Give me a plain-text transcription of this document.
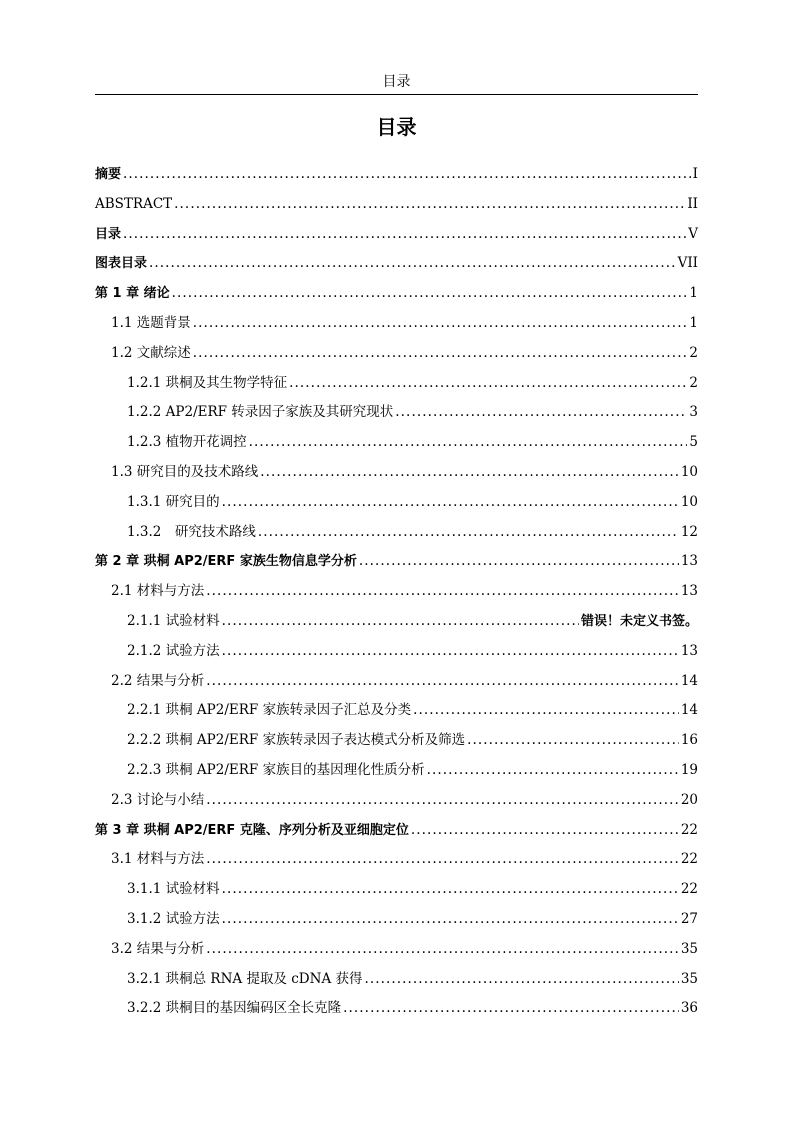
目录
目录
摘要 . . .	I
ABSTRACT . . .	II
目录 . . .	V
图表目录 . . .	VII
第 1 章 绪论 . . .	1
1.1 选题背景 . . .	1
1.2 文献综述 . . .	2
1.2.1 珙桐及其生物学特征 . . .	2
1.2.2 AP2/ERF 转录因子家族及其研究现状 . . .	3
1.2.3 植物开花调控 . . .	5
1.3 研究目的及技术路线 . . .	10
1.3.1 研究目的 . . .	10
1.3.2　研究技术路线 . . .	12
第 2 章 珙桐 AP2/ERF 家族生物信息学分析 . . .	13
2.1 材料与方法 . . .	13
2.1.1 试验材料 . . .	错误！未定义书签。
2.1.2 试验方法 . . .	13
2.2 结果与分析 . . .	14
2.2.1 珙桐 AP2/ERF 家族转录因子汇总及分类 . . .	14
2.2.2 珙桐 AP2/ERF 家族转录因子表达模式分析及筛选 . . .	16
2.2.3 珙桐 AP2/ERF 家族目的基因理化性质分析 . . .	19
2.3 讨论与小结 . . .	20
第 3 章 珙桐 AP2/ERF 克隆、序列分析及亚细胞定位 . . .	22
3.1 材料与方法 . . .	22
3.1.1 试验材料 . . .	22
3.1.2 试验方法 . . .	27
3.2 结果与分析 . . .	35
3.2.1 珙桐总 RNA 提取及 cDNA 获得 . . .	35
3.2.2 珙桐目的基因编码区全长克隆 . . .	36
